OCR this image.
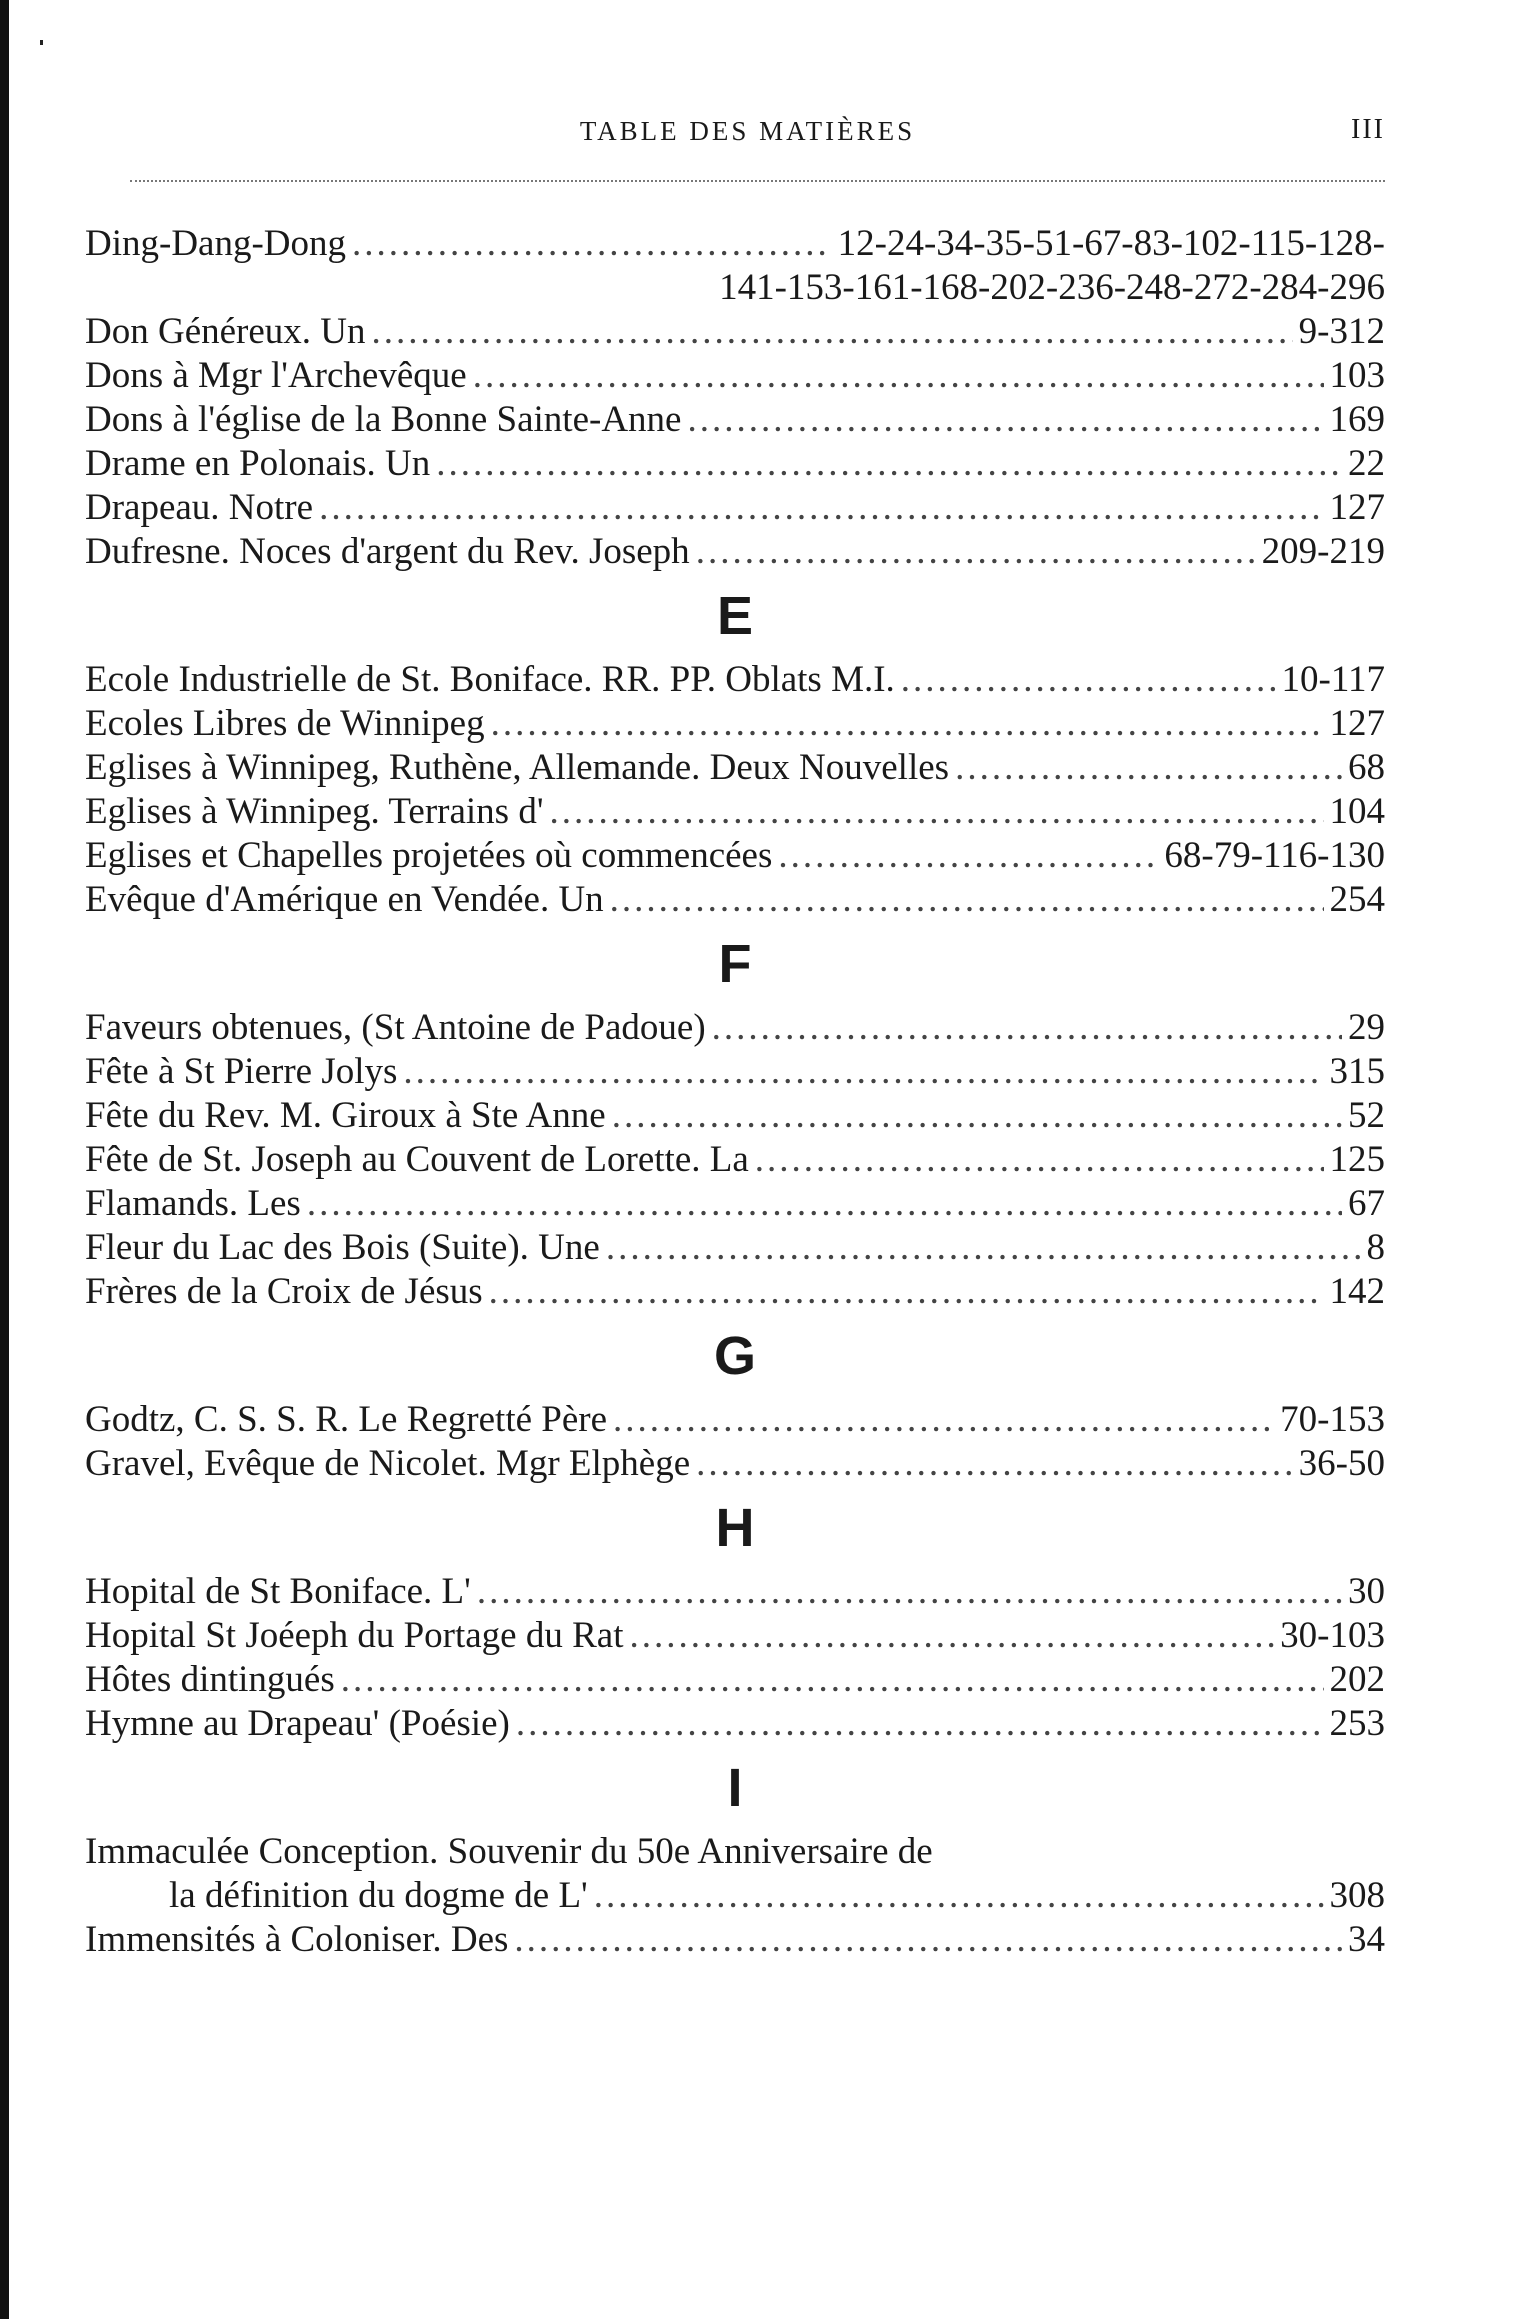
TABLE DES MATIÈRES	III
Ding-Dang-Dong .....	12-24-34-35-51-67-83-102-115-128-
141-153-161-168-202-236-248-272-284-296
Don Généreux. Un .....	9-312
Dons à Mgr l'Archevêque .....	103
Dons à l'église de la Bonne Sainte-Anne .....	169
Drame en Polonais. Un .....	22
Drapeau. Notre .....	127
Dufresne. Noces d'argent du Rev. Joseph .....	209-219
E
Ecole Industrielle de St. Boniface. RR. PP. Oblats M.I. .....	10-117
Ecoles Libres de Winnipeg .....	127
Eglises à Winnipeg, Ruthène, Allemande. Deux Nouvelles .....	68
Eglises à Winnipeg. Terrains d' .....	104
Eglises et Chapelles projetées où commencées .....	68-79-116-130
Evêque d'Amérique en Vendée. Un .....	254
F
Faveurs obtenues, (St Antoine de Padoue) .....	29
Fête à St Pierre Jolys .....	315
Fête du Rev. M. Giroux à Ste Anne .....	52
Fête de St. Joseph au Couvent de Lorette. La .....	125
Flamands. Les .....	67
Fleur du Lac des Bois (Suite). Une .....	8
Frères de la Croix de Jésus .....	142
G
Godtz, C. S. S. R. Le Regretté Père .....	70-153
Gravel, Evêque de Nicolet. Mgr Elphège .....	36-50
H
Hopital de St Boniface. L' .....	30
Hopital St Joéeph du Portage du Rat .....	30-103
Hôtes dintingués .....	202
Hymne au Drapeau' (Poésie) .....	253
I
Immaculée Conception. Souvenir du 50e Anniversaire de
la définition du dogme de L' .....	308
Immensités à Coloniser. Des .....	34
